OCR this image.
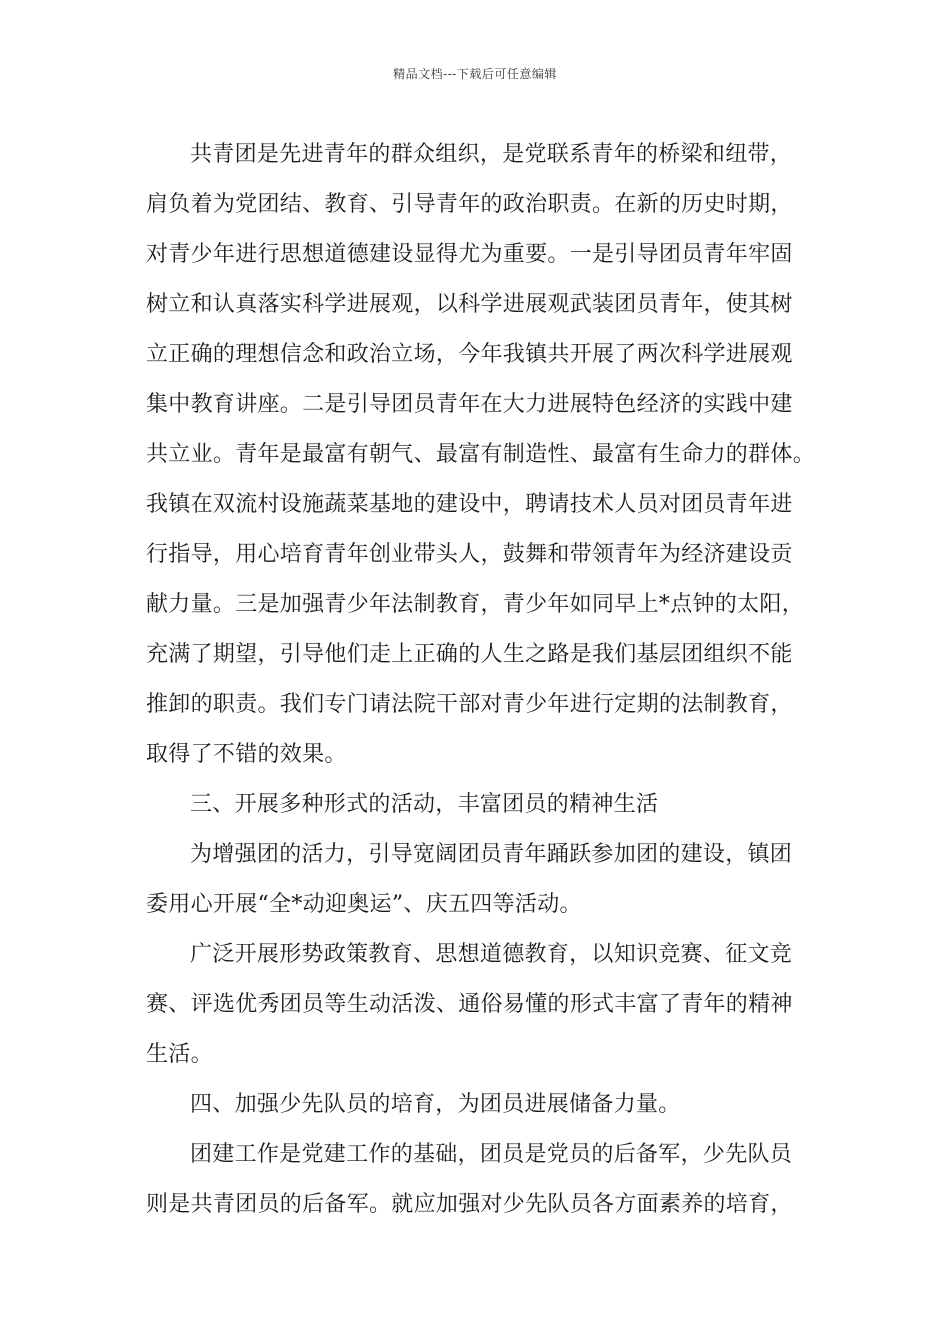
精品文档---下载后可任意编辑
共青团是先进青年的群众组织，是党联系青年的桥梁和纽带，
肩负着为党团结、教育、引导青年的政治职责。在新的历史时期，
对青少年进行思想道德建设显得尤为重要。一是引导团员青年牢固
树立和认真落实科学进展观，以科学进展观武装团员青年，使其树
立正确的理想信念和政治立场，今年我镇共开展了两次科学进展观
集中教育讲座。二是引导团员青年在大力进展特色经济的实践中建
共立业。青年是最富有朝气、最富有制造性、最富有生命力的群体。
我镇在双流村设施蔬菜基地的建设中，聘请技术人员对团员青年进
行指导，用心培育青年创业带头人，鼓舞和带领青年为经济建设贡
献力量。三是加强青少年法制教育，青少年如同早上*点钟的太阳，
充满了期望，引导他们走上正确的人生之路是我们基层团组织不能
推卸的职责。我们专门请法院干部对青少年进行定期的法制教育，
取得了不错的效果。
三、开展多种形式的活动，丰富团员的精神生活
为增强团的活力，引导宽阔团员青年踊跃参加团的建设，镇团
委用心开展“全*动迎奥运”、庆五四等活动。
广泛开展形势政策教育、思想道德教育，以知识竞赛、征文竞
赛、评选优秀团员等生动活泼、通俗易懂的形式丰富了青年的精神
生活。
四、加强少先队员的培育，为团员进展储备力量。
团建工作是党建工作的基础，团员是党员的后备军，少先队员
则是共青团员的后备军。就应加强对少先队员各方面素养的培育，
